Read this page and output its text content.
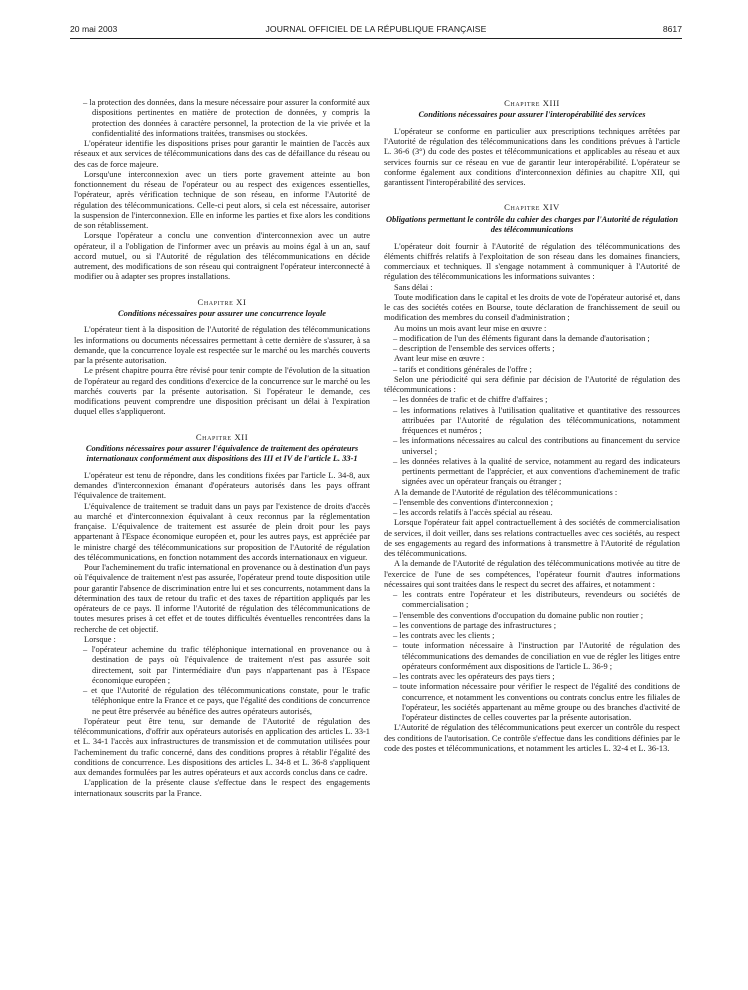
20 mai 2003	JOURNAL OFFICIEL DE LA RÉPUBLIQUE FRANÇAISE	8617

– la protection des données, dans la mesure nécessaire pour assurer la conformité aux dispositions pertinentes en matière de protection de données, y compris la protection des données à caractère personnel, la protection de la vie privée et la confidentialité des informations traitées, transmises ou stockées.

L'opérateur identifie les dispositions prises pour garantir le maintien de l'accès aux réseaux et aux services de télécommunications dans des cas de défaillance du réseau ou des cas de force majeure.

Lorsqu'une interconnexion avec un tiers porte gravement atteinte au bon fonctionnement du réseau de l'opérateur ou au respect des exigences essentielles, l'opérateur, après vérification technique de son réseau, en informe l'Autorité de régulation des télécommunications. Celle-ci peut alors, si cela est nécessaire, autoriser la suspension de l'interconnexion. Elle en informe les parties et fixe alors les conditions de son rétablissement.

Lorsque l'opérateur a conclu une convention d'interconnexion avec un autre opérateur, il a l'obligation de l'informer avec un préavis au moins égal à un an, sauf accord mutuel, ou si l'Autorité de régulation des télécommunications en décide autrement, des modifications de son réseau qui contraignent l'opérateur interconnecté à modifier ou à adapter ses propres installations.

Chapitre XI

Conditions nécessaires pour assurer une concurrence loyale

L'opérateur tient à la disposition de l'Autorité de régulation des télécommunications les informations ou documents nécessaires permettant à cette dernière de s'assurer, à sa demande, que la concurrence loyale est respectée sur le marché ou les marchés couverts par la présente autorisation.

Le présent chapitre pourra être révisé pour tenir compte de l'évolution de la situation de l'opérateur au regard des conditions d'exercice de la concurrence sur le marché ou les marchés couverts par la présente autorisation. Si l'opérateur le demande, ces modifications peuvent comprendre une disposition précisant un délai à l'expiration duquel elles s'appliqueront.

Chapitre XII

Conditions nécessaires pour assurer l'équivalence de traitement des opérateurs internationaux conformément aux dispositions des III et IV de l'article L. 33-1

L'opérateur est tenu de répondre, dans les conditions fixées par l'article L. 34-8, aux demandes d'interconnexion émanant d'opérateurs autorisés dans les pays offrant l'équivalence de traitement.

L'équivalence de traitement se traduit dans un pays par l'existence de droits d'accès au marché et d'interconnexion équivalant à ceux reconnus par la réglementation française. L'équivalence de traitement est assurée de plein droit pour les pays appartenant à l'Espace économique européen et, pour les autres pays, est appréciée par le ministre chargé des télécommunications sur proposition de l'Autorité de régulation des télécommunications, en fonction notamment des accords internationaux en vigueur.

Pour l'acheminement du trafic international en provenance ou à destination d'un pays où l'équivalence de traitement n'est pas assurée, l'opérateur prend toute disposition utile pour garantir l'absence de discrimination entre lui et ses concurrents, notamment dans la détermination des taux de retour du trafic et des taxes de répartition appliqués par les opérateurs de ce pays. Il informe l'Autorité de régulation des télécommunications de toutes mesures prises à cet effet et de toutes difficultés éventuelles rencontrées dans la recherche de cet objectif.

Lorsque :

– l'opérateur achemine du trafic téléphonique international en provenance ou à destination de pays où l'équivalence de traitement n'est pas assurée soit directement, soit par l'intermédiaire d'un pays n'appartenant pas à l'Espace économique européen ;

– et que l'Autorité de régulation des télécommunications constate, pour le trafic téléphonique entre la France et ce pays, que l'égalité des conditions de concurrence ne peut être préservée au bénéfice des autres opérateurs autorisés,

l'opérateur peut être tenu, sur demande de l'Autorité de régulation des télécommunications, d'offrir aux opérateurs autorisés en application des articles L. 33-1 et L. 34-1 l'accès aux infrastructures de transmission et de commutation utilisées pour l'acheminement du trafic concerné, dans des conditions propres à rétablir l'égalité des conditions de concurrence. Les dispositions des articles L. 34-8 et L. 36-8 s'appliquent aux demandes formulées par les autres opérateurs et aux accords conclus dans ce cadre.

L'application de la présente clause s'effectue dans le respect des engagements internationaux souscrits par la France.

Chapitre XIII

Conditions nécessaires pour assurer l'interopérabilité des services

L'opérateur se conforme en particulier aux prescriptions techniques arrêtées par l'Autorité de régulation des télécommunications dans les conditions prévues à l'article L. 36-6 (3°) du code des postes et télécommunications et applicables au réseau et aux services fournis sur ce réseau en vue de garantir leur interopérabilité. L'opérateur se conforme également aux conditions d'interconnexion définies au chapitre XII, qui garantissent l'interopérabilité des services.

Chapitre XIV

Obligations permettant le contrôle du cahier des charges par l'Autorité de régulation des télécommunications

L'opérateur doit fournir à l'Autorité de régulation des télécommunications des éléments chiffrés relatifs à l'exploitation de son réseau dans les domaines financiers, commerciaux et techniques. Il s'engage notamment à communiquer à l'Autorité de régulation des télécommunications les informations suivantes :

Sans délai :

Toute modification dans le capital et les droits de vote de l'opérateur autorisé et, dans le cas des sociétés cotées en Bourse, toute déclaration de franchissement de seuil ou modification des membres du conseil d'administration ;

Au moins un mois avant leur mise en œuvre :

– modification de l'un des éléments figurant dans la demande d'autorisation ;

– description de l'ensemble des services offerts ;

Avant leur mise en œuvre :

– tarifs et conditions générales de l'offre ;

Selon une périodicité qui sera définie par décision de l'Autorité de régulation des télécommunications :

– les données de trafic et de chiffre d'affaires ;

– les informations relatives à l'utilisation qualitative et quantitative des ressources attribuées par l'Autorité de régulation des télécommunications, notamment fréquences et numéros ;

– les informations nécessaires au calcul des contributions au financement du service universel ;

– les données relatives à la qualité de service, notamment au regard des indicateurs pertinents permettant de l'apprécier, et aux conventions d'acheminement de trafic signées avec un opérateur français ou étranger ;

A la demande de l'Autorité de régulation des télécommunications :

– l'ensemble des conventions d'interconnexion ;

– les accords relatifs à l'accès spécial au réseau.

Lorsque l'opérateur fait appel contractuellement à des sociétés de commercialisation de services, il doit veiller, dans ses relations contractuelles avec ces sociétés, au respect de ses engagements au regard des informations à transmettre à l'Autorité de régulation des télécommunications.

A la demande de l'Autorité de régulation des télécommunications motivée au titre de l'exercice de l'une de ses compétences, l'opérateur fournit d'autres informations nécessaires qui sont traitées dans le respect du secret des affaires, et notamment :

– les contrats entre l'opérateur et les distributeurs, revendeurs ou sociétés de commercialisation ;

– l'ensemble des conventions d'occupation du domaine public non routier ;

– les conventions de partage des infrastructures ;

– les contrats avec les clients ;

– toute information nécessaire à l'instruction par l'Autorité de régulation des télécommunications des demandes de conciliation en vue de régler les litiges entre opérateurs conformément aux dispositions de l'article L. 36-9 ;

– les contrats avec les opérateurs des pays tiers ;

– toute information nécessaire pour vérifier le respect de l'égalité des conditions de concurrence, et notamment les conventions ou contrats conclus entre les filiales de l'opérateur, les sociétés appartenant au même groupe ou des branches d'activité de l'opérateur distinctes de celles couvertes par la présente autorisation.

L'Autorité de régulation des télécommunications peut exercer un contrôle du respect des conditions de l'autorisation. Ce contrôle s'effectue dans les conditions définies par le code des postes et télécommunications, et notamment les articles L. 32-4 et L. 36-13.
